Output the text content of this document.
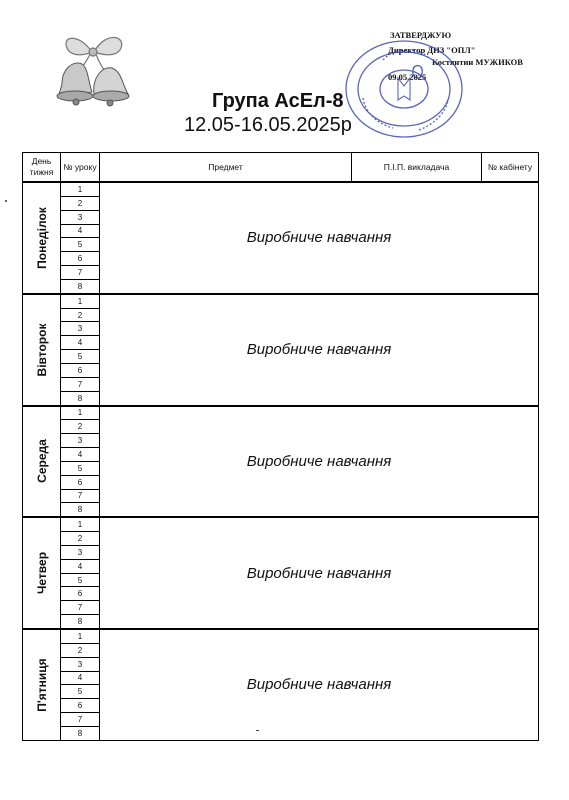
ЗАТВЕРДЖУЮ
Директор ДНЗ "ОПЛ"
Костянтин МУЖИКОВ
09.05.2025
Група АсЕл-8
12.05-16.05.2025р
День тижня	№ уроку	Предмет	П.І.П. викладача	№ кабінету

Понеділок	1	Виробниче навчання		
	2			
	3			
	4			
	5			
	6			
	7			
	8			

Вівторок	1	Виробниче навчання		
	2			
	3			
	4			
	5			
	6			
	7			
	8			

Середа	1	Виробниче навчання		
	2			
	3			
	4			
	5			
	6			
	7			
	8			

Четвер	1	Виробниче навчання		
	2			
	3			
	4			
	5			
	6			
	7			
	8			

П'ятниця	1	Виробниче навчання		
	2			
	3			
	4			
	5			
	6			
	7			
	8			
